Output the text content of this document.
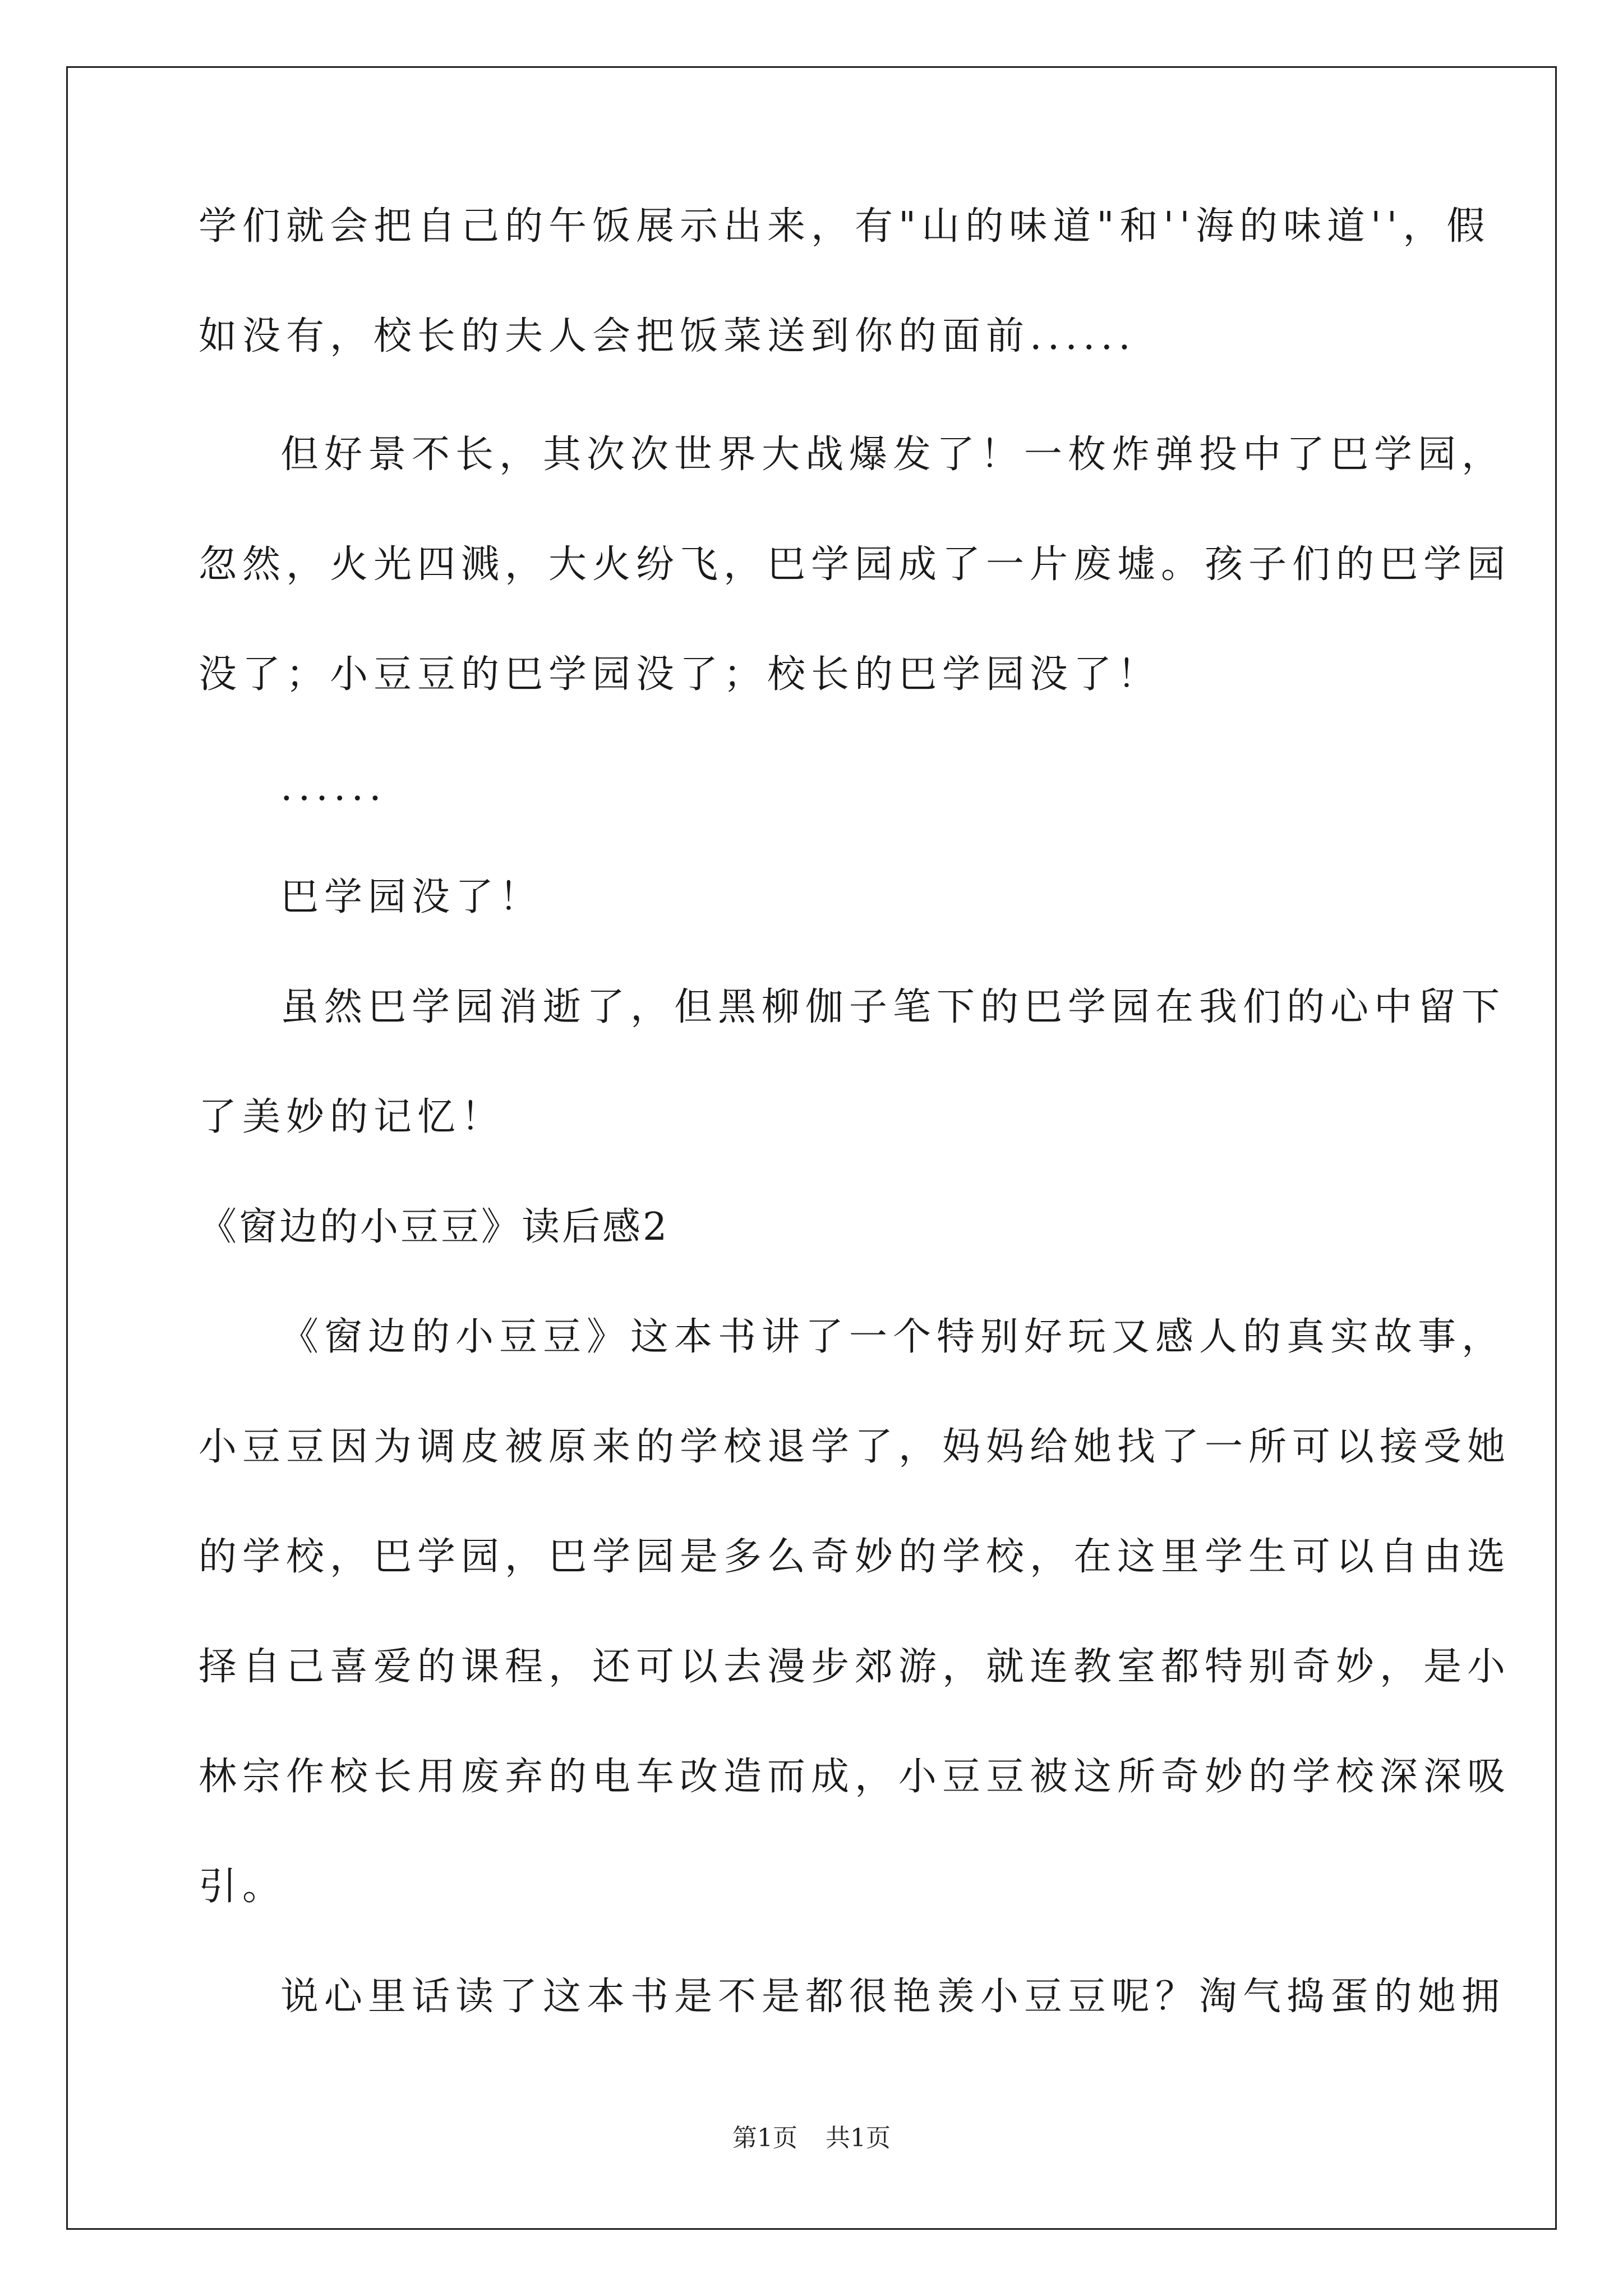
学们就会把自己的午饭展示出来，有"山的味道"和''海的味道''，假
如没有，校长的夫人会把饭菜送到你的面前......
但好景不长，其次次世界大战爆发了！一枚炸弹投中了巴学园，
忽然，火光四溅，大火纷飞，巴学园成了一片废墟。孩子们的巴学园
没了；小豆豆的巴学园没了；校长的巴学园没了！
......
巴学园没了！
虽然巴学园消逝了，但黑柳伽子笔下的巴学园在我们的心中留下
了美妙的记忆！
《窗边的小豆豆》读后感2
《窗边的小豆豆》这本书讲了一个特别好玩又感人的真实故事，
小豆豆因为调皮被原来的学校退学了，妈妈给她找了一所可以接受她
的学校，巴学园，巴学园是多么奇妙的学校，在这里学生可以自由选
择自己喜爱的课程，还可以去漫步郊游，就连教室都特别奇妙，是小
林宗作校长用废弃的电车改造而成，小豆豆被这所奇妙的学校深深吸
引。
说心里话读了这本书是不是都很艳羡小豆豆呢？淘气捣蛋的她拥
第1页 共1页
